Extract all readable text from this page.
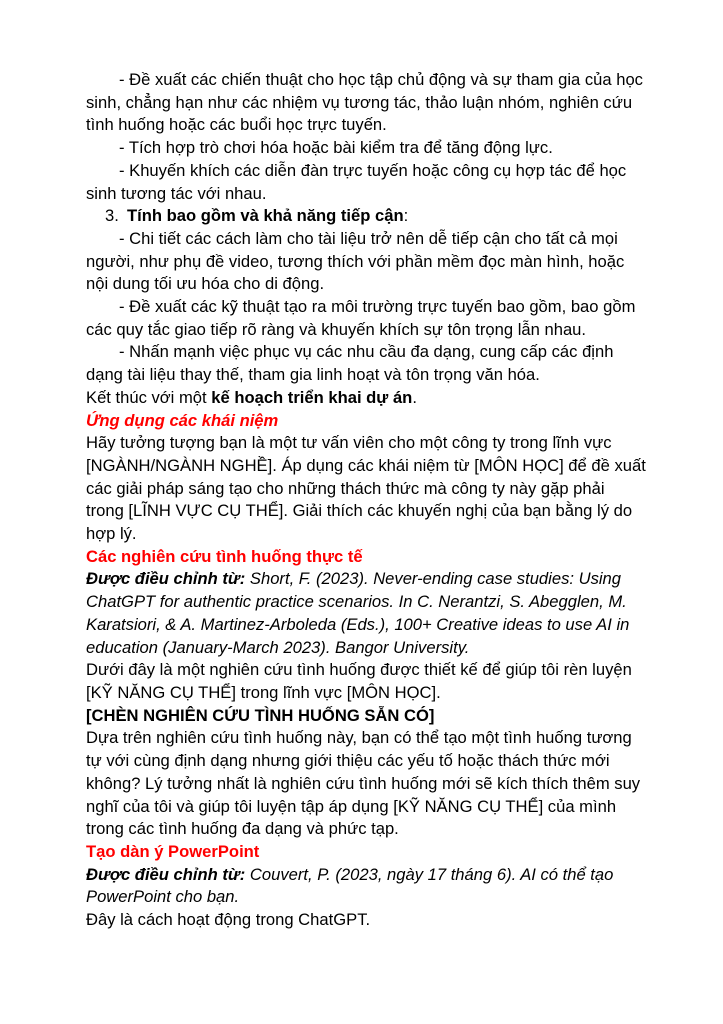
- Đề xuất các chiến thuật cho học tập chủ động và sự tham gia của học sinh, chẳng hạn như các nhiệm vụ tương tác, thảo luận nhóm, nghiên cứu tình huống hoặc các buổi học trực tuyến.

- Tích hợp trò chơi hóa hoặc bài kiểm tra để tăng động lực.

- Khuyến khích các diễn đàn trực tuyến hoặc công cụ hợp tác để học sinh tương tác với nhau.

3. Tính bao gồm và khả năng tiếp cận:

- Chi tiết các cách làm cho tài liệu trở nên dễ tiếp cận cho tất cả mọi người, như phụ đề video, tương thích với phần mềm đọc màn hình, hoặc nội dung tối ưu hóa cho di động.

- Đề xuất các kỹ thuật tạo ra môi trường trực tuyến bao gồm, bao gồm các quy tắc giao tiếp rõ ràng và khuyến khích sự tôn trọng lẫn nhau.

- Nhấn mạnh việc phục vụ các nhu cầu đa dạng, cung cấp các định dạng tài liệu thay thế, tham gia linh hoạt và tôn trọng văn hóa.

Kết thúc với một kế hoạch triển khai dự án.

Ứng dụng các khái niệm

Hãy tưởng tượng bạn là một tư vấn viên cho một công ty trong lĩnh vực [NGÀNH/NGÀNH NGHỀ]. Áp dụng các khái niệm từ [MÔN HỌC] để đề xuất các giải pháp sáng tạo cho những thách thức mà công ty này gặp phải trong [LĨNH VỰC CỤ THỂ]. Giải thích các khuyến nghị của bạn bằng lý do hợp lý.

Các nghiên cứu tình huống thực tế

Được điều chỉnh từ: Short, F. (2023). Never-ending case studies: Using ChatGPT for authentic practice scenarios. In C. Nerantzi, S. Abegglen, M. Karatsiori, & A. Martinez-Arboleda (Eds.), 100+ Creative ideas to use AI in education (January-March 2023). Bangor University.

Dưới đây là một nghiên cứu tình huống được thiết kế để giúp tôi rèn luyện [KỸ NĂNG CỤ THỂ] trong lĩnh vực [MÔN HỌC].

[CHÈN NGHIÊN CỨU TÌNH HUỐNG SẴN CÓ]

Dựa trên nghiên cứu tình huống này, bạn có thể tạo một tình huống tương tự với cùng định dạng nhưng giới thiệu các yếu tố hoặc thách thức mới không? Lý tưởng nhất là nghiên cứu tình huống mới sẽ kích thích thêm suy nghĩ của tôi và giúp tôi luyện tập áp dụng [KỸ NĂNG CỤ THỂ] của mình trong các tình huống đa dạng và phức tạp.

Tạo dàn ý PowerPoint

Được điều chỉnh từ: Couvert, P. (2023, ngày 17 tháng 6). AI có thể tạo PowerPoint cho bạn.

Đây là cách hoạt động trong ChatGPT.
